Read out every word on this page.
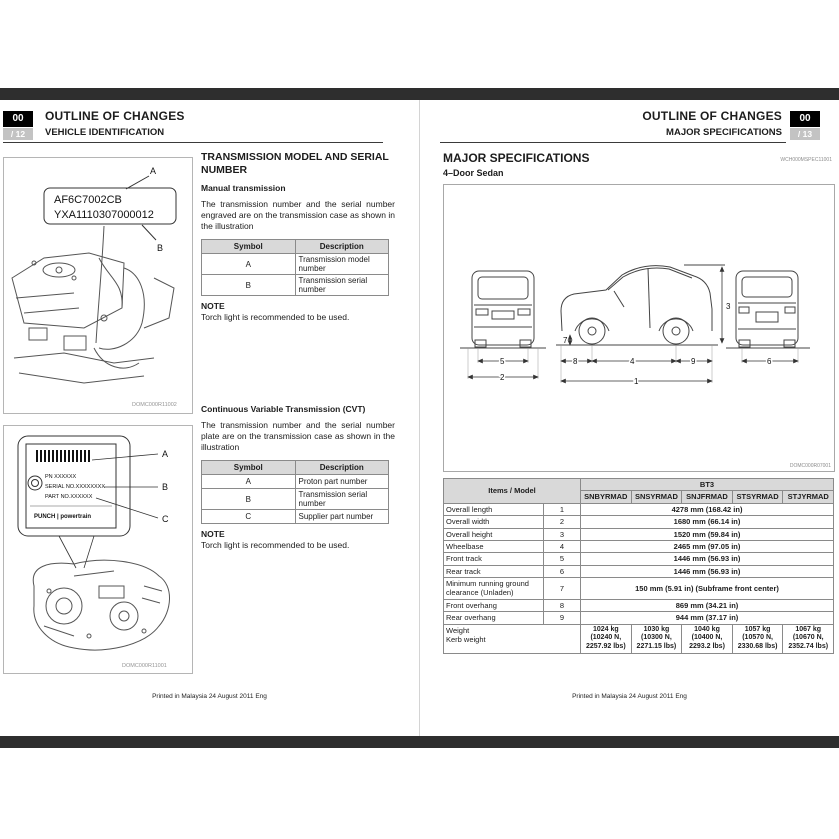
00
/ 12
OUTLINE OF CHANGES
VEHICLE IDENTIFICATION
AF6C7002CB
YXA1110307000012
A
B
DOMC000R11002
PN XXXXXX
SERIAL NO.XXXXXXXX
PART NO.XXXXXX
PUNCH | powertrain
A
B
C
DOMC000R11001

TRANSMISSION MODEL AND SERIAL NUMBER

Manual transmission

The transmission number and the serial number engraved are on the transmission case as shown in the illustration

Symbol	Description
A	Transmission model number
B	Transmission serial number

NOTE

Torch light is recommended to be used.

Continuous Variable Transmission (CVT)

The transmission number and the serial number plate are on the transmission case as shown in the illustration

Symbol	Description
A	Proton part number
B	Transmission serial number
C	Supplier part number

NOTE

Torch light is recommended to be used.

Printed in Malaysia 24 August 2011 Eng
00
/ 13
OUTLINE OF CHANGES
MAJOR SPECIFICATIONS
MAJOR SPECIFICATIONS	WCH000MSPEC11001
4–Door Sedan
5
2
7
8	4	9
1
3
6
DOMC000R07001
Items / Model		BT3				
		SNBYRMAD	SNSYRMAD	SNJFRMAD	STSYRMAD	STJYRMAD
Overall length	1	4278 mm (168.42 in)				
Overall width	2	1680 mm (66.14 in)				
Overall height	3	1520 mm (59.84 in)				
Wheelbase	4	2465 mm (97.05 in)				
Front track	5	1446 mm (56.93 in)				
Rear track	6	1446 mm (56.93 in)				
Minimum running ground clearance (Unladen)	7	150 mm (5.91 in) (Subframe front center)				
Front overhang	8	869 mm (34.21 in)				
Rear overhang	9	944 mm (37.17 in)				

Weight
Kerb weight		1024 kg (10240 N, 2257.92 lbs)	1030 kg (10300 N, 2271.15 lbs)	1040 kg (10400 N, 2293.2 lbs)	1057 kg (10570 N, 2330.68 lbs)	1067 kg (10670 N, 2352.74 lbs)
Printed in Malaysia 24 August 2011 Eng
